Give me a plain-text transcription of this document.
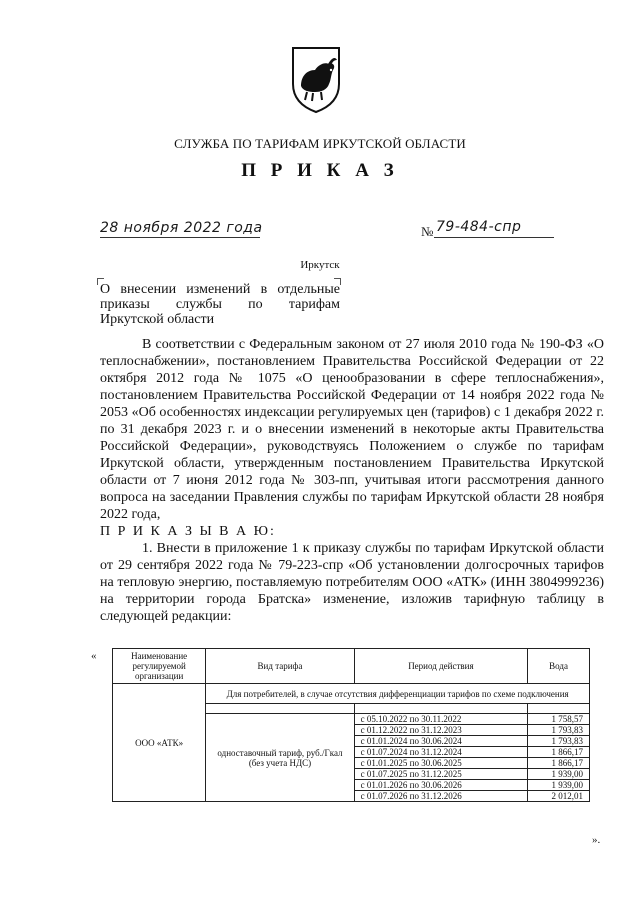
СЛУЖБА ПО ТАРИФАМ ИРКУТСКОЙ ОБЛАСТИ
П Р И К А З
28 ноября 2022 года	№ 79-484-спр
Иркутск
О внесении изменений в отдельные
приказы службы по тарифам
Иркутской области

В соответствии с Федеральным законом от 27 июля 2010 года № 190-ФЗ «О теплоснабжении», постановлением Правительства Российской Федерации от 22 октября 2012 года № 1075 «О ценообразовании в сфере теплоснабжения», постановлением Правительства Российской Федерации от 14 ноября 2022 года № 2053 «Об особенностях индексации регулируемых цен (тарифов) с 1 декабря 2022 г. по 31 декабря 2023 г. и о внесении изменений в некоторые акты Правительства Российской Федерации», руководствуясь Положением о службе по тарифам Иркутской области, утвержденным постановлением Правительства Иркутской области от 7 июня 2012 года № 303-пп, учитывая итоги рассмотрения данного вопроса на заседании Правления службы по тарифам Иркутской области 28 ноября 2022 года,

П Р И К А З Ы В А Ю:

1. Внести в приложение 1 к приказу службы по тарифам Иркутской области от 29 сентября 2022 года № 79-223-спр «Об установлении долгосрочных тарифов на тепловую энергию, поставляемую потребителям ООО «АТК» (ИНН 3804999236) на территории города Братска» изменение, изложив тарифную таблицу в следующей редакции:

«	Наименование регулируемой организации	Вид тарифа	Период действия	Вода
ООО «АТК»	Для потребителей, в случае отсутствия дифференциации тарифов по схеме подключения		

	одноставочный тариф, руб./Гкал (без учета НДС)	с 05.10.2022 по 30.11.2022	1 758,57
		с 01.12.2022 по 31.12.2023	1 793,83
		с 01.01.2024 по 30.06.2024	1 793,83
		с 01.07.2024 по 31.12.2024	1 866,17
		с 01.01.2025 по 30.06.2025	1 866,17
		с 01.07.2025 по 31.12.2025	1 939,00
		с 01.01.2026 по 30.06.2026	1 939,00
		с 01.07.2026 по 31.12.2026	2 012,01
».
